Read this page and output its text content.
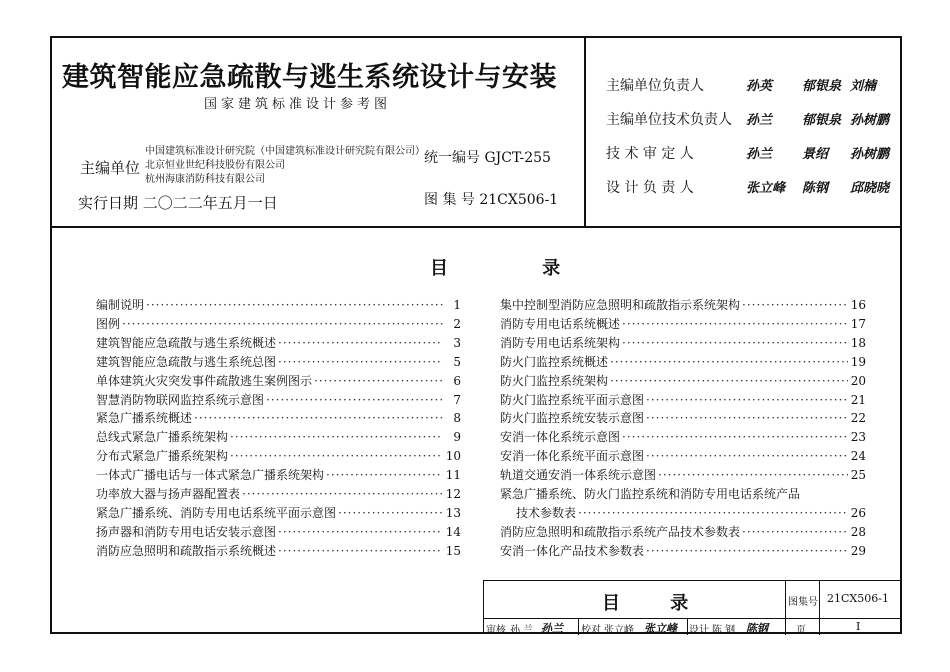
建筑智能应急疏散与逃生系统设计与安装
国家建筑标准设计参考图
主编单位
中国建筑标准设计研究院（中国建筑标准设计研究院有限公司）
北京恒业世纪科技股份有限公司
杭州海康消防科技有限公司
统一编号 GJCT-255
图 集 号 21CX506-1
实行日期 二〇二二年五月一日
主编单位负责人	孙英 郁银泉 刘楠
主编单位技术负责人 孙兰 郁银泉 孙树鹏
技 术 审 定 人	孙兰 景绍 孙树鹏
设 计 负 责 人	张立峰 陈钢 邱晓晓
目 录
编制说明 ·····	1
图例 ·····	2
建筑智能应急疏散与逃生系统概述 ·····	3
建筑智能应急疏散与逃生系统总图 ·····	5
单体建筑火灾突发事件疏散逃生案例图示 ·····	6
智慧消防物联网监控系统示意图 ·····	7
紧急广播系统概述 ·····	8
总线式紧急广播系统架构 ·····	9
分布式紧急广播系统架构 ·····	10
一体式广播电话与一体式紧急广播系统架构 ·····	11
功率放大器与扬声器配置表 ·····	12
紧急广播系统、消防专用电话系统平面示意图 ·····	13
扬声器和消防专用电话安装示意图 ·····	14
消防应急照明和疏散指示系统概述 ·····	15
集中控制型消防应急照明和疏散指示系统架构 ·····	16
消防专用电话系统概述 ·····	17
消防专用电话系统架构 ·····	18
防火门监控系统概述 ·····	19
防火门监控系统架构 ·····	20
防火门监控系统平面示意图 ·····	21
防火门监控系统安装示意图 ·····	22
安消一体化系统示意图 ·····	23
安消一体化系统平面示意图 ·····	24
轨道交通安消一体系统示意图 ·····	25
紧急广播系统、防火门监控系统和消防专用电话系统产品
技术参数表 ·····	26
消防应急照明和疏散指示系统产品技术参数表 ·····	28
安消一体化产品技术参数表 ·····	29
目 录	图集号 21CX506-1
页	I
审核 孙 兰 孙兰 校对 张立峰 张立峰 设计 陈 钢 陈钢
